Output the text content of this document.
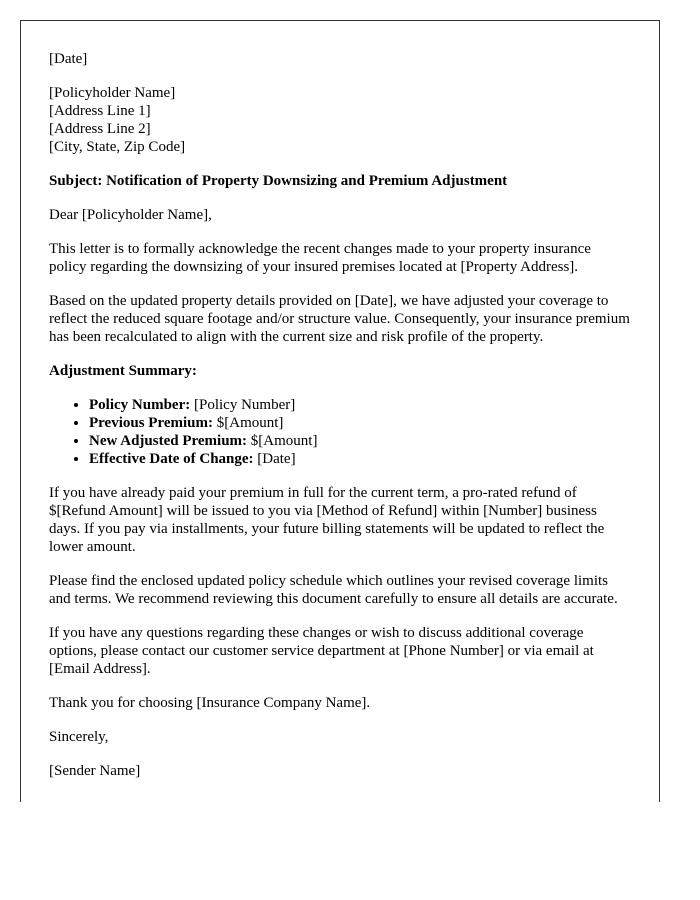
[Date]

[Policyholder Name]
[Address Line 1]
[Address Line 2]
[City, State, Zip Code]

Subject: Notification of Property Downsizing and Premium Adjustment

Dear [Policyholder Name],

This letter is to formally acknowledge the recent changes made to your property insurance policy regarding the downsizing of your insured premises located at [Property Address].

Based on the updated property details provided on [Date], we have adjusted your coverage to reflect the reduced square footage and/or structure value. Consequently, your insurance premium has been recalculated to align with the current size and risk profile of the property.

Adjustment Summary:

• Policy Number: [Policy Number]
• Previous Premium: $[Amount]
• New Adjusted Premium: $[Amount]
• Effective Date of Change: [Date]

If you have already paid your premium in full for the current term, a pro-rated refund of $[Refund Amount] will be issued to you via [Method of Refund] within [Number] business days. If you pay via installments, your future billing statements will be updated to reflect the lower amount.

Please find the enclosed updated policy schedule which outlines your revised coverage limits and terms. We recommend reviewing this document carefully to ensure all details are accurate.

If you have any questions regarding these changes or wish to discuss additional coverage options, please contact our customer service department at [Phone Number] or via email at [Email Address].

Thank you for choosing [Insurance Company Name].

Sincerely,

[Sender Name]
